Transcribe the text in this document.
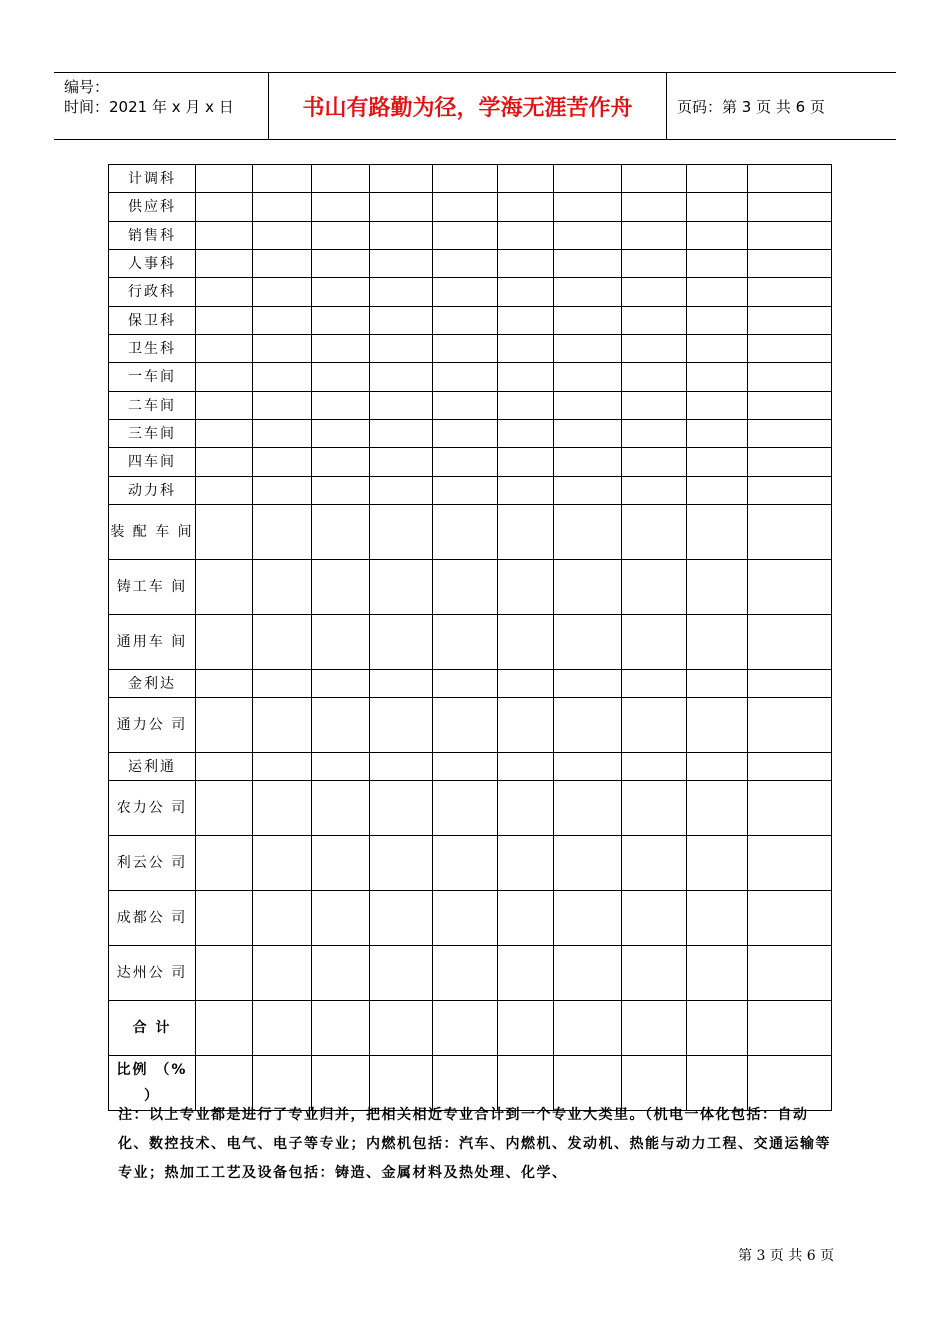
编号：
时间：2021 年 x 月 x 日	书山有路勤为径，学海无涯苦作舟	页码：第 3 页 共 6 页
计调科										
供应科										
销售科										
人事科										
行政科										
保卫科										
卫生科										
一车间										
二车间										
三车间										
四车间										
动力科										
装 配 车 间										
铸工车 间										
通用车 间										
金利达										
通力公 司										
运利通										
农力公 司										
利云公 司										
成都公 司										
达州公 司										
合 计										
比例 （% ）										
注：以上专业都是进行了专业归并，把相关相近专业合计到一个专业大类里。（机电一体化包括：自动化、数控技术、电气、电子等专业；内燃机包括：汽车、内燃机、发动机、热能与动力工程、交通运输等专业；热加工工艺及设备包括：铸造、金属材料及热处理、化学、
第 3 页 共 6 页
